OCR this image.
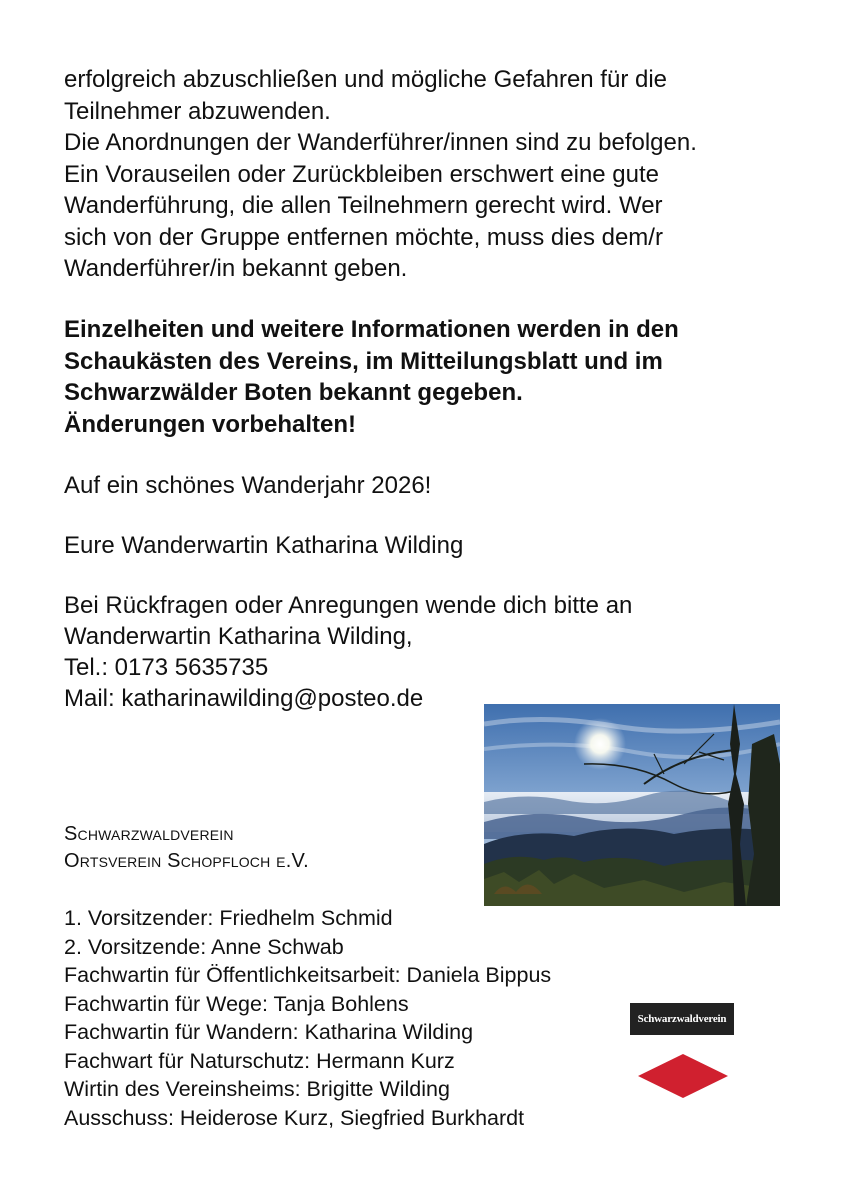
erfolgreich abzuschließen und mögliche Gefahren für die
Teilnehmer abzuwenden.
Die Anordnungen der Wanderführer/innen sind zu befolgen.
Ein Vorauseilen oder Zurückbleiben erschwert eine gute
Wanderführung, die allen Teilnehmern gerecht wird. Wer
sich von der Gruppe entfernen möchte, muss dies dem/r
Wanderführer/in bekannt geben.
Einzelheiten und weitere Informationen werden in den
Schaukästen des Vereins, im Mitteilungsblatt und im
Schwarzwälder Boten bekannt gegeben.
Änderungen vorbehalten!
Auf ein schönes Wanderjahr 2026!
Eure Wanderwartin Katharina Wilding
Bei Rückfragen oder Anregungen wende dich bitte an
Wanderwartin Katharina Wilding,
Tel.: 0173 5635735
Mail: katharinawilding@posteo.de
Schwarzwaldverein
Ortsverein Schopfloch e.V.
1. Vorsitzender: Friedhelm Schmid
2. Vorsitzende: Anne Schwab
Fachwartin für Öffentlichkeitsarbeit: Daniela Bippus
Fachwartin für Wege: Tanja Bohlens
Fachwartin für Wandern: Katharina Wilding
Fachwart für Naturschutz: Hermann Kurz
Wirtin des Vereinsheims: Brigitte Wilding
Ausschuss: Heiderose Kurz, Siegfried Burkhardt
Schwarzwaldverein
